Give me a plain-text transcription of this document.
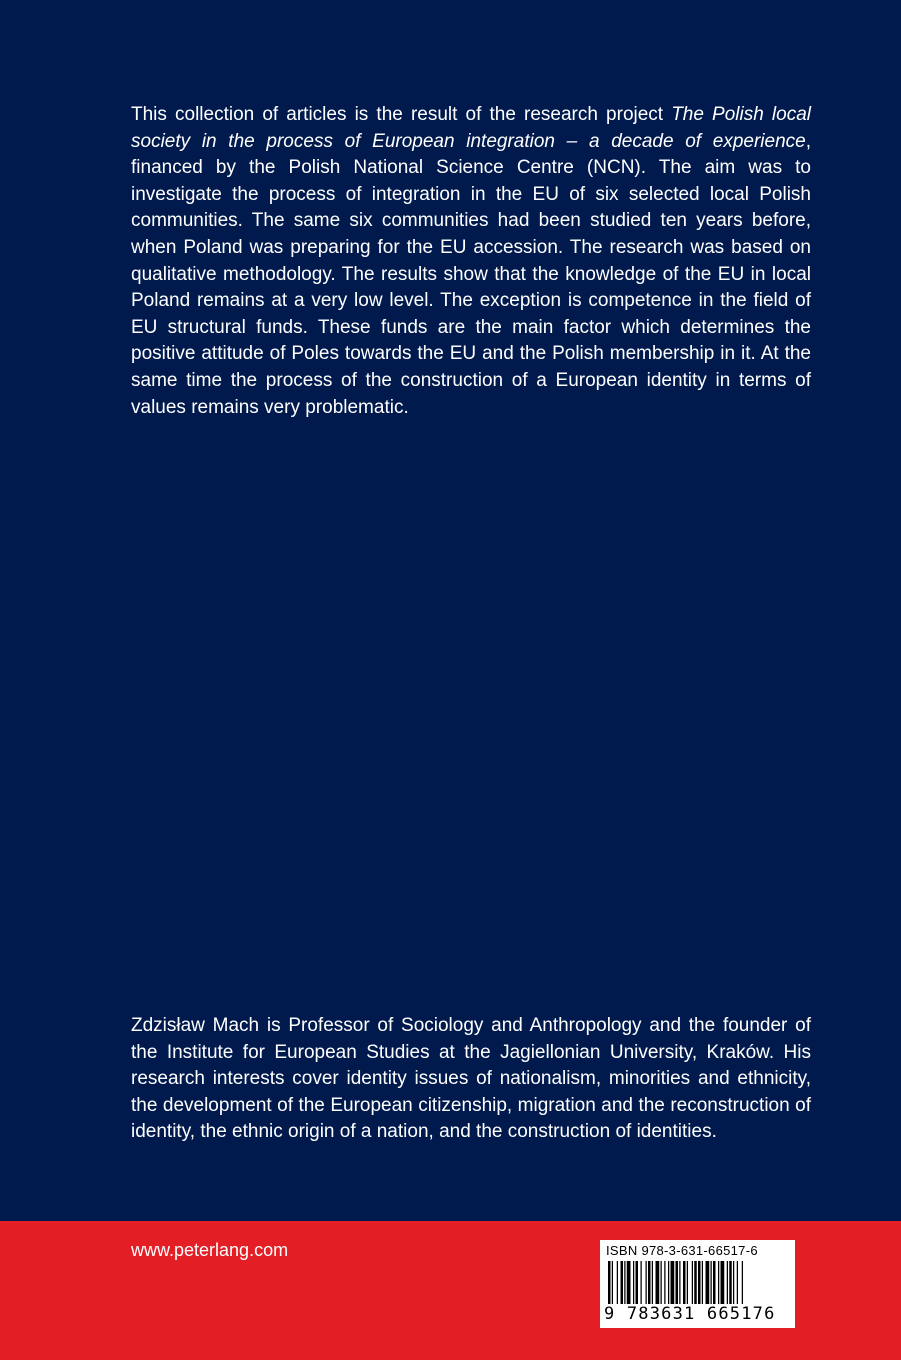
This collection of articles is the result of the research project The Polish local society in the process of European integration – a decade of experience, financed by the Polish National Science Centre (NCN). The aim was to investigate the process of integration in the EU of six selected local Polish communities. The same six communities had been studied ten years before, when Poland was preparing for the EU accession. The research was based on qualitative methodology. The results show that the knowledge of the EU in local Poland remains at a very low level. The exception is competence in the field of EU structural funds. These funds are the main factor which determines the positive attitude of Poles towards the EU and the Polish membership in it. At the same time the process of the construction of a European identity in terms of values remains very problematic.

Zdzisław Mach is Professor of Sociology and Anthropology and the founder of the Institute for European Studies at the Jagiellonian University, Kraków. His research interests cover identity issues of nationalism, minorities and ethnicity, the development of the European citizenship, migration and the reconstruction of identity, the ethnic origin of a nation, and the construction of identities.

www.peterlang.com	ISBN 978-3-631-66517-6
9 783631 665176
